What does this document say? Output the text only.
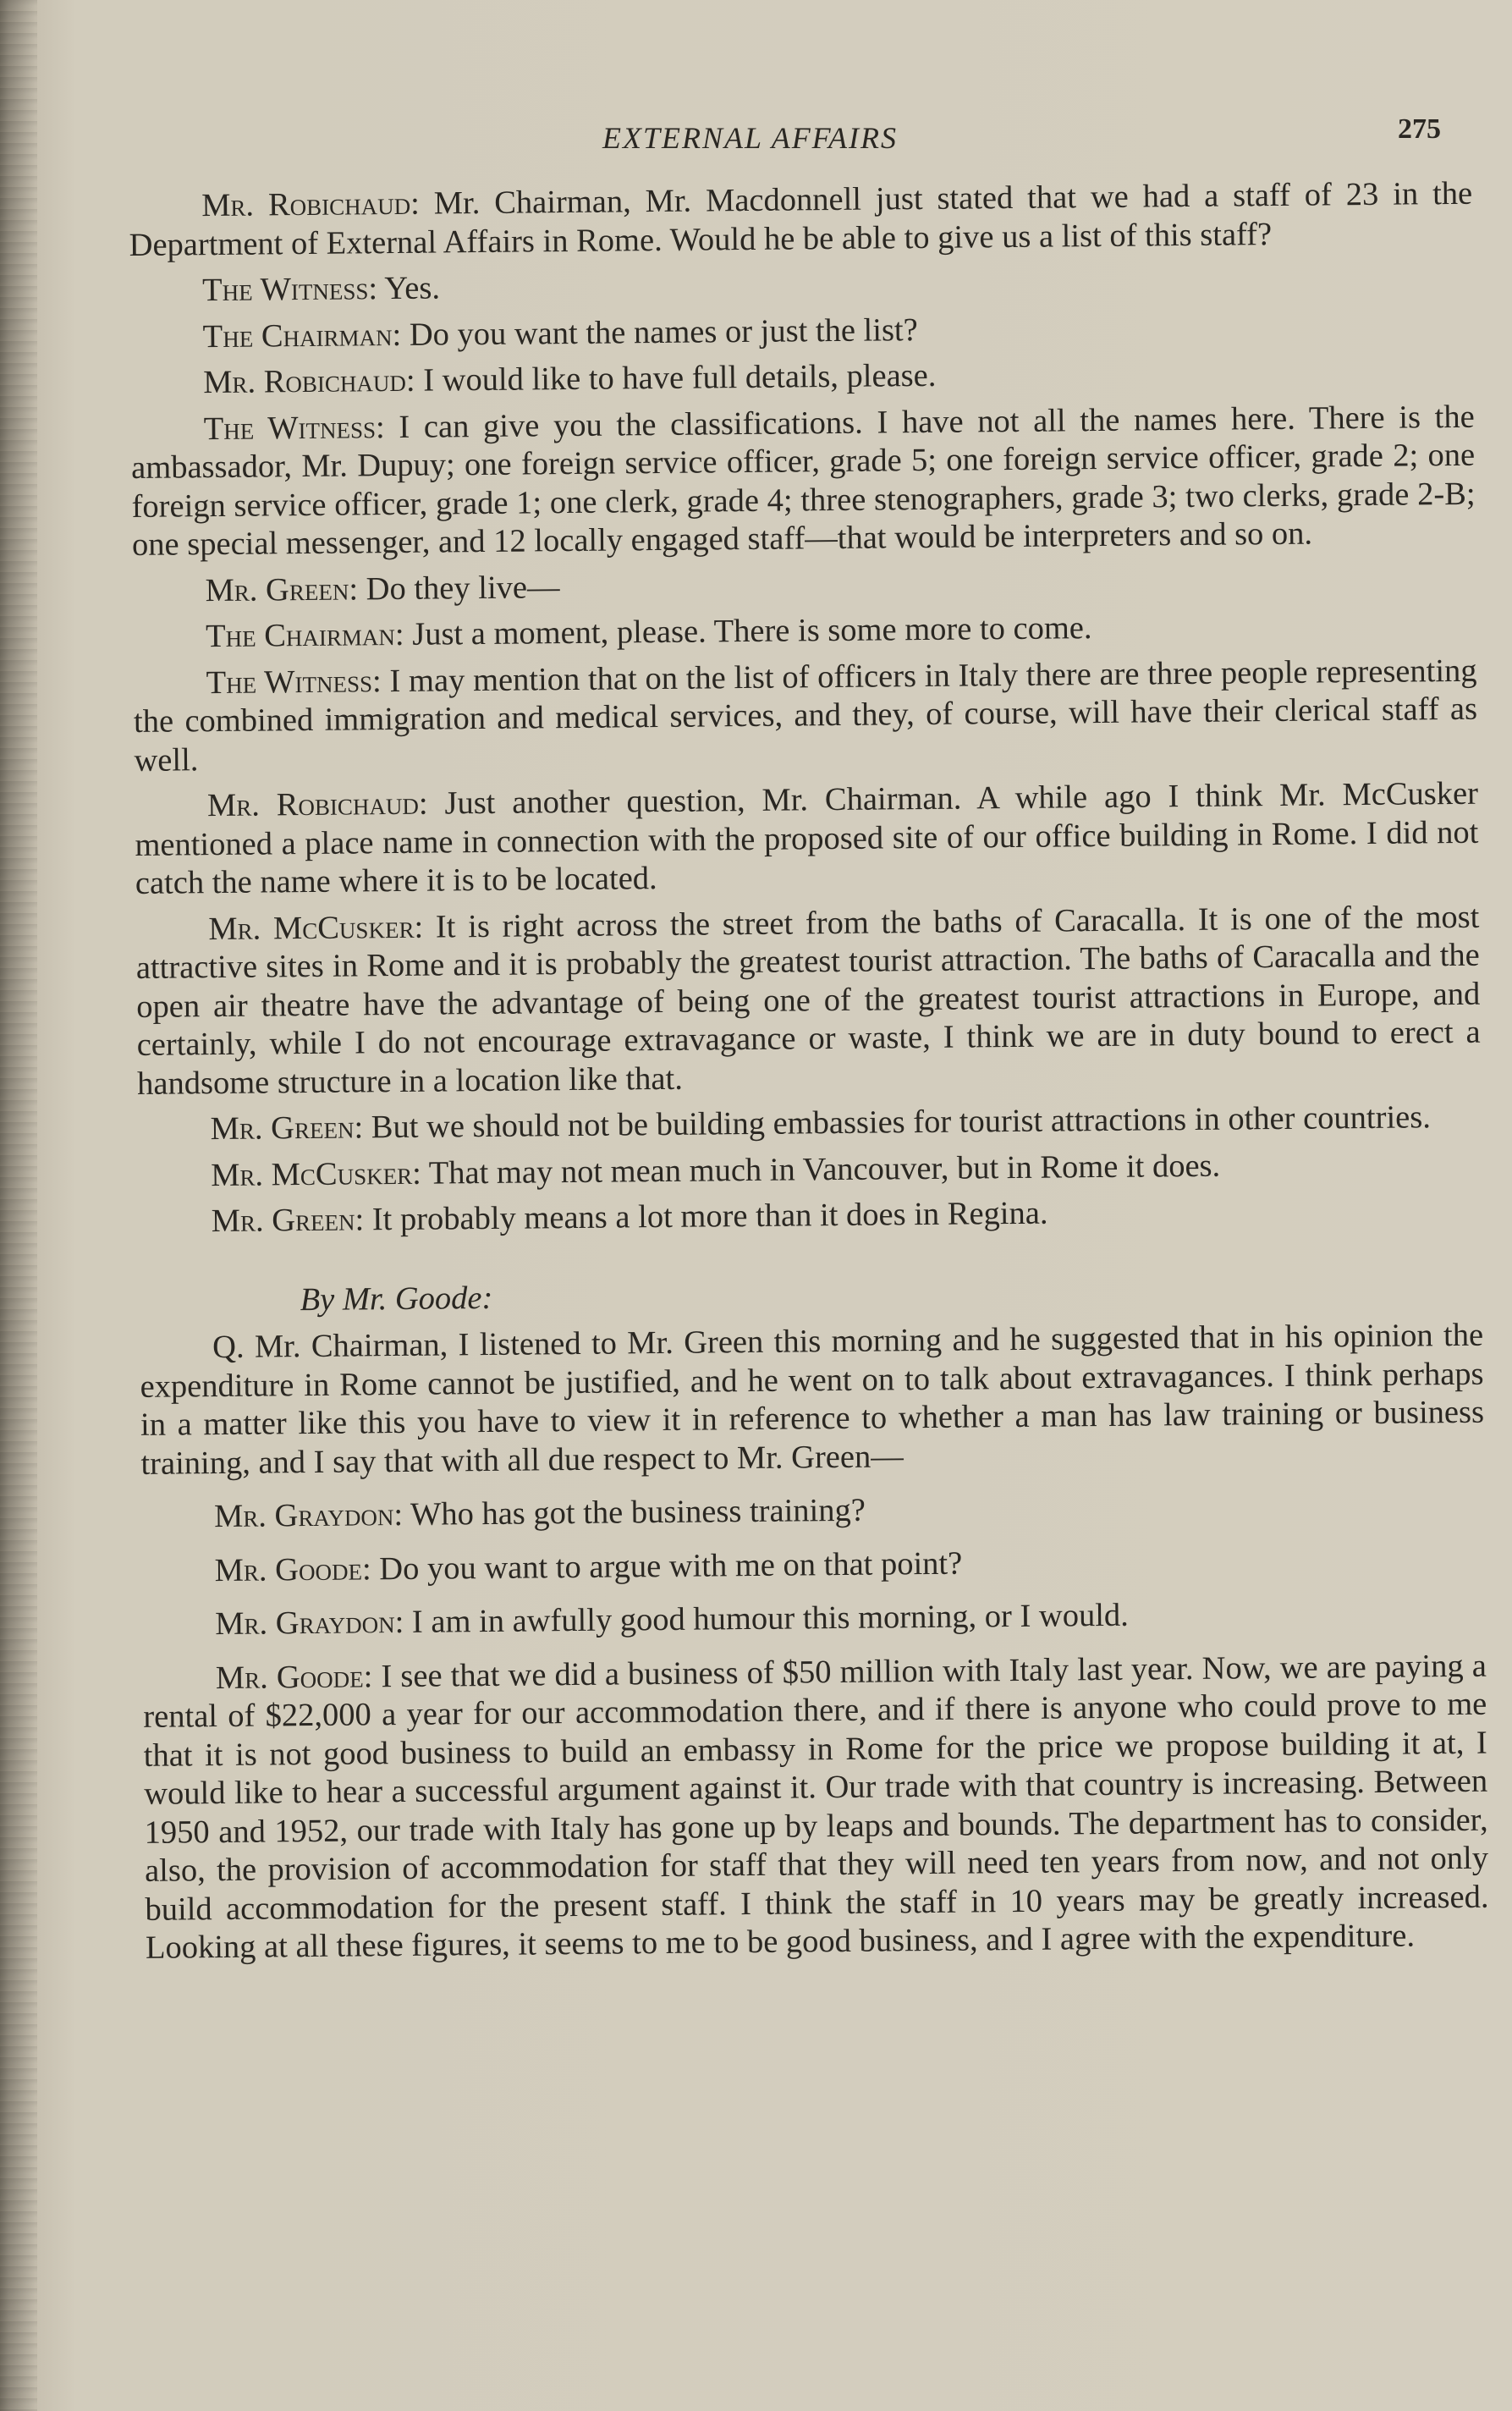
EXTERNAL AFFAIRS	275

Mr. Robichaud: Mr. Chairman, Mr. Macdonnell just stated that we had a staff of 23 in the Department of External Affairs in Rome. Would he be able to give us a list of this staff?

The Witness: Yes.

The Chairman: Do you want the names or just the list?

Mr. Robichaud: I would like to have full details, please.

The Witness: I can give you the classifications. I have not all the names here. There is the ambassador, Mr. Dupuy; one foreign service officer, grade 5; one foreign service officer, grade 2; one foreign service officer, grade 1; one clerk, grade 4; three stenographers, grade 3; two clerks, grade 2-B; one special messenger, and 12 locally engaged staff—that would be interpreters and so on.

Mr. Green: Do they live—

The Chairman: Just a moment, please. There is some more to come.

The Witness: I may mention that on the list of officers in Italy there are three people representing the combined immigration and medical services, and they, of course, will have their clerical staff as well.

Mr. Robichaud: Just another question, Mr. Chairman. A while ago I think Mr. McCusker mentioned a place name in connection with the proposed site of our office building in Rome. I did not catch the name where it is to be located.

Mr. McCusker: It is right across the street from the baths of Caracalla. It is one of the most attractive sites in Rome and it is probably the greatest tourist attraction. The baths of Caracalla and the open air theatre have the advantage of being one of the greatest tourist attractions in Europe, and certainly, while I do not encourage extravagance or waste, I think we are in duty bound to erect a handsome structure in a location like that.

Mr. Green: But we should not be building embassies for tourist attractions in other countries.

Mr. McCusker: That may not mean much in Vancouver, but in Rome it does.

Mr. Green: It probably means a lot more than it does in Regina.

By Mr. Goode:

Q. Mr. Chairman, I listened to Mr. Green this morning and he suggested that in his opinion the expenditure in Rome cannot be justified, and he went on to talk about extravagances. I think perhaps in a matter like this you have to view it in reference to whether a man has law training or business training, and I say that with all due respect to Mr. Green—

Mr. Graydon: Who has got the business training?

Mr. Goode: Do you want to argue with me on that point?

Mr. Graydon: I am in awfully good humour this morning, or I would.

Mr. Goode: I see that we did a business of $50 million with Italy last year. Now, we are paying a rental of $22,000 a year for our accommodation there, and if there is anyone who could prove to me that it is not good business to build an embassy in Rome for the price we propose building it at, I would like to hear a successful argument against it. Our trade with that country is increasing. Between 1950 and 1952, our trade with Italy has gone up by leaps and bounds. The department has to consider, also, the provision of accommodation for staff that they will need ten years from now, and not only build accommodation for the present staff. I think the staff in 10 years may be greatly increased. Looking at all these figures, it seems to me to be good business, and I agree with the expenditure.
